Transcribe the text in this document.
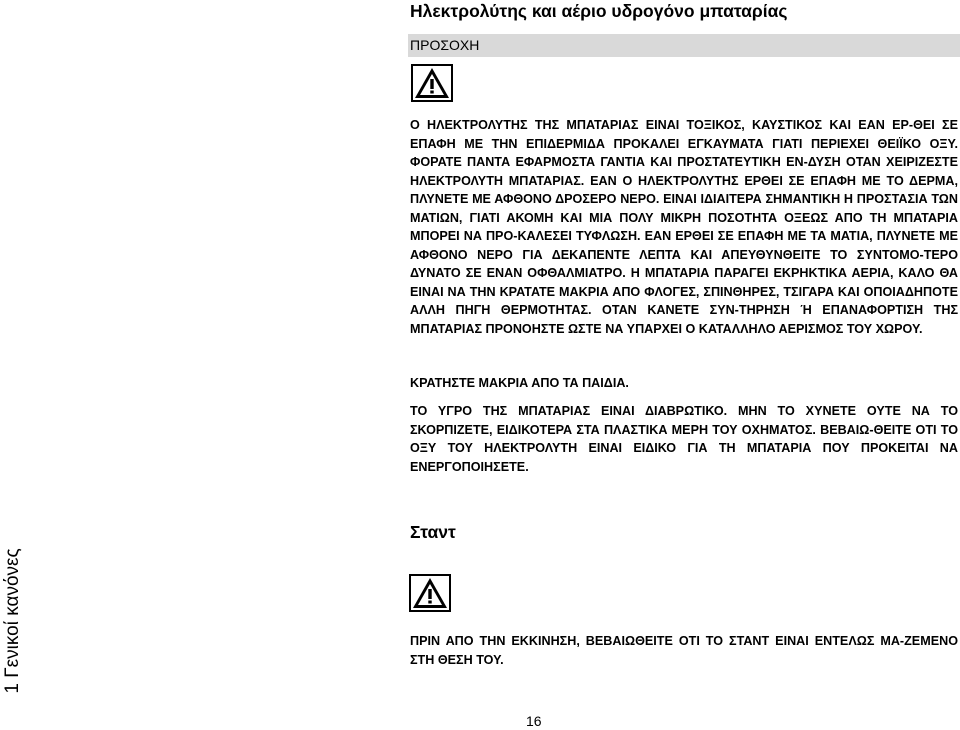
Ηλεκτρολύτης και αέριο υδρογόνο μπαταρίας
ΠΡΟΣΟΧΗ
Ο ΗΛΕΚΤΡΟΛΥΤΗΣ ΤΗΣ ΜΠΑΤΑΡΙΑΣ ΕΙΝΑΙ ΤΟΞΙΚΟΣ, ΚΑΥΣΤΙΚΟΣ ΚΑΙ ΕΑΝ ΕΡ-ΘΕΙ ΣΕ ΕΠΑΦΗ ΜΕ ΤΗΝ ΕΠΙΔΕΡΜΙΔΑ ΠΡΟΚΑΛΕΙ ΕΓΚΑΥΜΑΤΑ ΓΙΑΤΙ ΠΕΡΙΕΧΕΙ ΘΕΙΪΚΟ ΟΞΥ. ΦΟΡΑΤΕ ΠΑΝΤΑ ΕΦΑΡΜΟΣΤΑ ΓΑΝΤΙΑ ΚΑΙ ΠΡΟΣΤΑΤΕΥΤΙΚΗ ΕΝ-ΔΥΣΗ ΟΤΑΝ ΧΕΙΡΙΖΕΣΤΕ ΗΛΕΚΤΡΟΛΥΤΗ ΜΠΑΤΑΡΙΑΣ. ΕΑΝ Ο ΗΛΕΚΤΡΟΛΥΤΗΣ ΕΡΘΕΙ ΣΕ ΕΠΑΦΗ ΜΕ ΤΟ ΔΕΡΜΑ, ΠΛΥΝΕΤΕ ΜΕ ΑΦΘΟΝΟ ΔΡΟΣΕΡΟ ΝΕΡΟ. ΕΙΝΑΙ ΙΔΙΑΙΤΕΡΑ ΣΗΜΑΝΤΙΚΗ Η ΠΡΟΣΤΑΣΙΑ ΤΩΝ ΜΑΤΙΩΝ, ΓΙΑΤΙ ΑΚΟΜΗ ΚΑΙ ΜΙΑ ΠΟΛΥ ΜΙΚΡΗ ΠΟΣΟΤΗΤΑ ΟΞΕΩΣ ΑΠΟ ΤΗ ΜΠΑΤΑΡΙΑ ΜΠΟΡΕΙ ΝΑ ΠΡΟ-ΚΑΛΕΣΕΙ ΤΥΦΛΩΣΗ. ΕΑΝ ΕΡΘΕΙ ΣΕ ΕΠΑΦΗ ΜΕ ΤΑ ΜΑΤΙΑ, ΠΛΥΝΕΤΕ ΜΕ ΑΦΘΟΝΟ ΝΕΡΟ ΓΙΑ ΔΕΚΑΠΕΝΤΕ ΛΕΠΤΑ ΚΑΙ ΑΠΕΥΘΥΝΘΕΙΤΕ ΤΟ ΣΥΝΤΟΜΟ-ΤΕΡΟ ΔΥΝΑΤΟ ΣΕ ΕΝΑΝ ΟΦΘΑΛΜΙΑΤΡΟ. Η ΜΠΑΤΑΡΙΑ ΠΑΡΑΓΕΙ ΕΚΡΗΚΤΙΚΑ ΑΕΡΙΑ, ΚΑΛΟ ΘΑ ΕΙΝΑΙ ΝΑ ΤΗΝ ΚΡΑΤΑΤΕ ΜΑΚΡΙΑ ΑΠΟ ΦΛΟΓΕΣ, ΣΠΙΝΘΗΡΕΣ, ΤΣΙΓΑΡΑ ΚΑΙ ΟΠΟΙΑΔΗΠΟΤΕ ΑΛΛΗ ΠΗΓΗ ΘΕΡΜΟΤΗΤΑΣ. ΟΤΑΝ ΚΑΝΕΤΕ ΣΥΝ-ΤΗΡΗΣΗ Ή ΕΠΑΝΑΦΟΡΤΙΣΗ ΤΗΣ ΜΠΑΤΑΡΙΑΣ ΠΡΟΝΟΗΣΤΕ ΩΣΤΕ ΝΑ ΥΠΑΡΧΕΙ Ο ΚΑΤΑΛΛΗΛΟ ΑΕΡΙΣΜΟΣ ΤΟΥ ΧΩΡΟΥ.
ΚΡΑΤΗΣΤΕ ΜΑΚΡΙΑ ΑΠΟ ΤΑ ΠΑΙΔΙΑ.
ΤΟ ΥΓΡΟ ΤΗΣ ΜΠΑΤΑΡΙΑΣ ΕΙΝΑΙ ΔΙΑΒΡΩΤΙΚΟ. ΜΗΝ ΤΟ ΧΥΝΕΤΕ ΟΥΤΕ ΝΑ ΤΟ ΣΚΟΡΠΙΖΕΤΕ, ΕΙΔΙΚΟΤΕΡΑ ΣΤΑ ΠΛΑΣΤΙΚΑ ΜΕΡΗ ΤΟΥ ΟΧΗΜΑΤΟΣ. ΒΕΒΑΙΩ-ΘΕΙΤΕ ΟΤΙ ΤΟ ΟΞΥ ΤΟΥ ΗΛΕΚΤΡΟΛΥΤΗ ΕΙΝΑΙ ΕΙΔΙΚΟ ΓΙΑ ΤΗ ΜΠΑΤΑΡΙΑ ΠΟΥ ΠΡΟΚΕΙΤΑΙ ΝΑ ΕΝΕΡΓΟΠΟΙΗΣΕΤΕ.
Σταντ
ΠΡΙΝ ΑΠΟ ΤΗΝ ΕΚΚΙΝΗΣΗ, ΒΕΒΑΙΩΘΕΙΤΕ ΟΤΙ ΤΟ ΣΤΑΝΤ ΕΙΝΑΙ ΕΝΤΕΛΩΣ ΜΑ-ΖΕΜΕΝΟ ΣΤΗ ΘΕΣΗ ΤΟΥ.
1 Γενικοί κανόνες
16
